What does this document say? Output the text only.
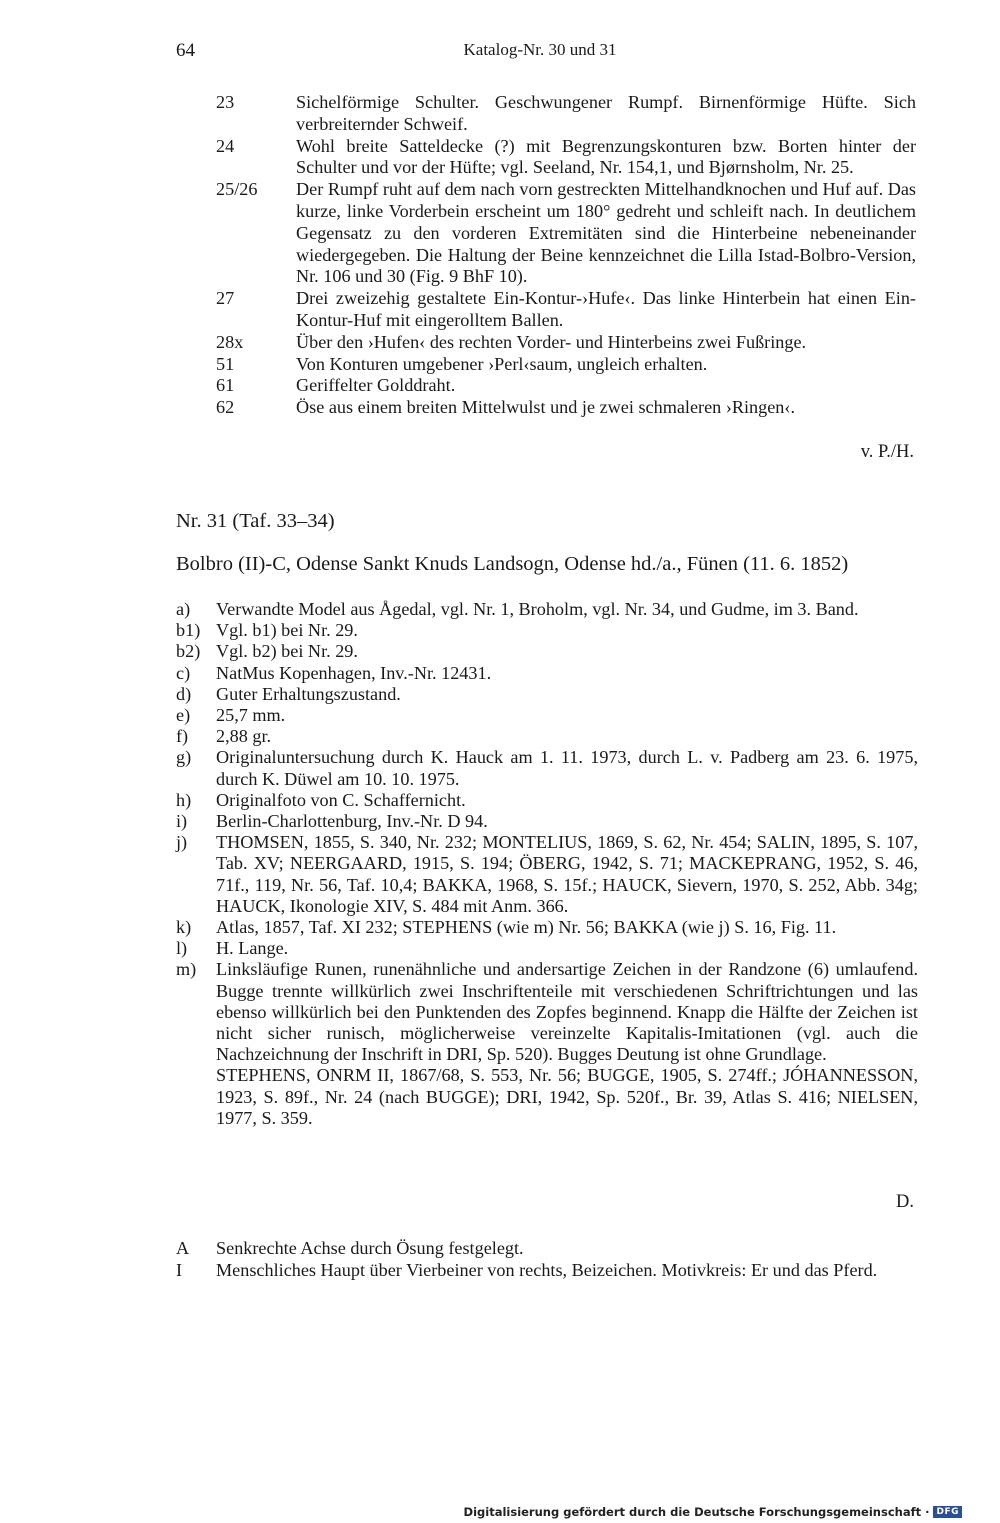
64	Katalog-Nr. 30 und 31
23	Sichelförmige Schulter. Geschwungener Rumpf. Birnenförmige Hüfte. Sich verbreiternder Schweif.
24	Wohl breite Satteldecke (?) mit Begrenzungskonturen bzw. Borten hinter der Schulter und vor der Hüfte; vgl. Seeland, Nr. 154,1, und Bjørnsholm, Nr. 25.
25/26	Der Rumpf ruht auf dem nach vorn gestreckten Mittelhandknochen und Huf auf. Das kurze, linke Vorderbein erscheint um 180° gedreht und schleift nach. In deutlichem Gegensatz zu den vorderen Extremitäten sind die Hinterbeine nebeneinander wiedergegeben. Die Haltung der Beine kennzeichnet die Lilla Istad-Bolbro-Version, Nr. 106 und 30 (Fig. 9 BhF 10).
27	Drei zweizehig gestaltete Ein-Kontur-›Hufe‹. Das linke Hinterbein hat einen Ein-Kontur-Huf mit eingerolltem Ballen.
28x	Über den ›Hufen‹ des rechten Vorder- und Hinterbeins zwei Fußringe.
51	Von Konturen umgebener ›Perl‹saum, ungleich erhalten.
61	Geriffelter Golddraht.
62	Öse aus einem breiten Mittelwulst und je zwei schmaleren ›Ringen‹.
v. P./H.
Nr. 31 (Taf. 33–34)
Bolbro (II)-C, Odense Sankt Knuds Landsogn, Odense hd./a., Fünen (11. 6. 1852)
a)	Verwandte Model aus Ågedal, vgl. Nr. 1, Broholm, vgl. Nr. 34, und Gudme, im 3. Band.
b1) Vgl. b1) bei Nr. 29.
b2) Vgl. b2) bei Nr. 29.
c)	NatMus Kopenhagen, Inv.-Nr. 12431.
d)	Guter Erhaltungszustand.
e)	25,7 mm.
f)	2,88 gr.
g)	Originaluntersuchung durch K. Hauck am 1. 11. 1973, durch L. v. Padberg am 23. 6. 1975, durch K. Düwel am 10. 10. 1975.
h)	Originalfoto von C. Schaffernicht.
i)	Berlin-Charlottenburg, Inv.-Nr. D 94.
j)	THOMSEN, 1855, S. 340, Nr. 232; MONTELIUS, 1869, S. 62, Nr. 454; SALIN, 1895, S. 107, Tab. XV; NEERGAARD, 1915, S. 194; ÖBERG, 1942, S. 71; MACKEPRANG, 1952, S. 46, 71f., 119, Nr. 56, Taf. 10,4; BAKKA, 1968, S. 15f.; HAUCK, Sievern, 1970, S. 252, Abb. 34g; HAUCK, Ikonologie XIV, S. 484 mit Anm. 366.
k)	Atlas, 1857, Taf. XI 232; STEPHENS (wie m) Nr. 56; BAKKA (wie j) S. 16, Fig. 11.
l)	H. Lange.
m)	Linksläufige Runen, runenähnliche und andersartige Zeichen in der Randzone (6) umlaufend. Bugge trennte willkürlich zwei Inschriftenteile mit verschiedenen Schriftrichtungen und las ebenso willkürlich bei den Punktenden des Zopfes beginnend. Knapp die Hälfte der Zeichen ist nicht sicher runisch, möglicherweise vereinzelte Kapitalis-Imitationen (vgl. auch die Nachzeichnung der Inschrift in DRI, Sp. 520). Bugges Deutung ist ohne Grundlage.
STEPHENS, ONRM II, 1867/68, S. 553, Nr. 56; BUGGE, 1905, S. 274ff.; JÓHANNESSON, 1923, S. 89f., Nr. 24 (nach BUGGE); DRI, 1942, Sp. 520f., Br. 39, Atlas S. 416; NIELSEN, 1977, S. 359.
D.
A	Senkrechte Achse durch Ösung festgelegt.
I	Menschliches Haupt über Vierbeiner von rechts, Beizeichen. Motivkreis: Er und das Pferd.
Digitalisierung gefördert durch die Deutsche Forschungsgemeinschaft · DFG
